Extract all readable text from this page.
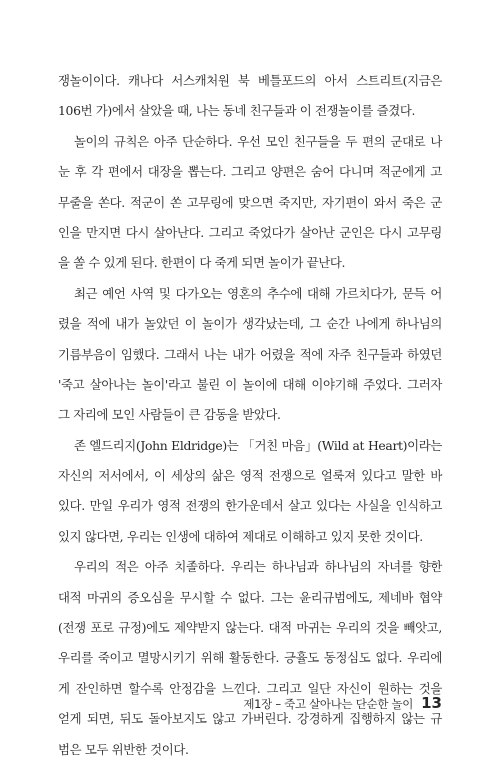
쟁놀이이다. 캐나다 서스캐처원 북 베틀포드의 아서 스트리트(지금은
106번 가)에서 살았을 때, 나는 동네 친구들과 이 전쟁놀이를 즐겼다.
놀이의 규칙은 아주 단순하다. 우선 모인 친구들을 두 편의 군대로 나
눈 후 각 편에서 대장을 뽑는다. 그리고 양편은 숨어 다니며 적군에게 고
무줄을 쏜다. 적군이 쏜 고무링에 맞으면 죽지만, 자기편이 와서 죽은 군
인을 만지면 다시 살아난다. 그리고 죽었다가 살아난 군인은 다시 고무링
을 쏠 수 있게 된다. 한편이 다 죽게 되면 놀이가 끝난다.
최근 예언 사역 및 다가오는 영혼의 추수에 대해 가르치다가, 문득 어
렸을 적에 내가 놀았던 이 놀이가 생각났는데, 그 순간 나에게 하나님의
기름부음이 임했다. 그래서 나는 내가 어렸을 적에 자주 친구들과 하였던
'죽고 살아나는 놀이'라고 불린 이 놀이에 대해 이야기해 주었다. 그러자
그 자리에 모인 사람들이 큰 감동을 받았다.
존 엘드리지(John Eldridge)는 「거친 마음」(Wild at Heart)이라는
자신의 저서에서, 이 세상의 삶은 영적 전쟁으로 얼룩져 있다고 말한 바
있다. 만일 우리가 영적 전쟁의 한가운데서 살고 있다는 사실을 인식하고
있지 않다면, 우리는 인생에 대하여 제대로 이해하고 있지 못한 것이다.
우리의 적은 아주 치졸하다. 우리는 하나님과 하나님의 자녀를 향한
대적 마귀의 증오심을 무시할 수 없다. 그는 윤리규범에도, 제네바 협약
(전쟁 포로 규정)에도 제약받지 않는다. 대적 마귀는 우리의 것을 빼앗고,
우리를 죽이고 멸망시키기 위해 활동한다. 긍휼도 동정심도 없다. 우리에
게 잔인하면 할수록 안정감을 느낀다. 그리고 일단 자신이 원하는 것을
얻게 되면, 뒤도 돌아보지도 않고 가버린다. 강경하게 집행하지 않는 규
범은 모두 위반한 것이다.
제1장 – 죽고 살아나는 단순한 놀이 13
